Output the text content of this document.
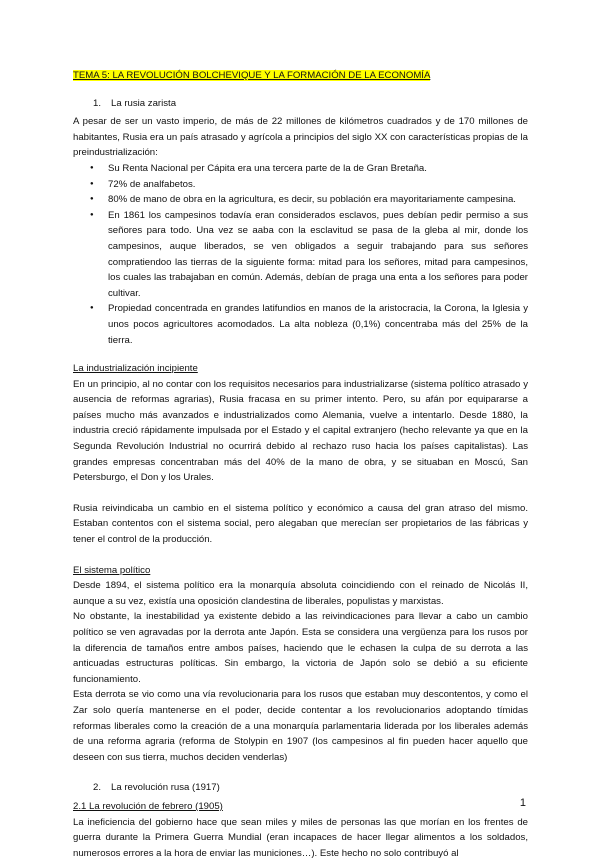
TEMA 5: LA REVOLUCIÓN BOLCHEVIQUE Y LA FORMACIÓN DE LA ECONOMÍA

1.	La rusia zarista

A pesar de ser un vasto imperio, de más de 22 millones de kilómetros cuadrados y de 170 millones de habitantes, Rusia era un país atrasado y agrícola a principios del siglo XX con características propias de la preindustrialización:

● Su Renta Nacional per Cápita era una tercera parte de la de Gran Bretaña.
● 72% de analfabetos.
● 80% de mano de obra en la agricultura, es decir, su población era mayoritariamente campesina.
● En 1861 los campesinos todavía eran considerados esclavos, pues debían pedir permiso a sus señores para todo. Una vez se aaba con la esclavitud se pasa de la gleba al mir, donde los campesinos, auque liberados, se ven obligados a seguir trabajando para sus señores compratiendoo las tierras de la siguiente forma: mitad para los señores, mitad para campesinos, los cuales las trabajaban en común. Además, debían de praga una enta a los señores para poder cultivar.
● Propiedad concentrada en grandes latifundios en manos de la aristocracia, la Corona, la Iglesia y unos pocos agricultores acomodados. La alta nobleza (0,1%) concentraba más del 25% de la tierra.

La industrialización incipiente

En un principio, al no contar con los requisitos necesarios para industrializarse (sistema político atrasado y ausencia de reformas agrarias), Rusia fracasa en su primer intento. Pero, su afán por equipararse a países mucho más avanzados e industrializados como Alemania, vuelve a intentarlo. Desde 1880, la industria creció rápidamente impulsada por el Estado y el capital extranjero (hecho relevante ya que en la Segunda Revolución Industrial no ocurrirá debido al rechazo ruso hacia los países capitalistas). Las grandes empresas concentraban más del 40% de la mano de obra, y se situaban en Moscú, San Petersburgo, el Don y los Urales.

Rusia reivindicaba un cambio en el sistema político y económico a causa del gran atraso del mismo. Estaban contentos con el sistema social, pero alegaban que merecían ser propietarios de las fábricas y tener el control de la producción.

El sistema político

Desde 1894, el sistema político era la monarquía absoluta coincidiendo con el reinado de Nicolás II, aunque a su vez, existía una oposición clandestina de liberales, populistas y marxistas.

No obstante, la inestabilidad ya existente debido a las reivindicaciones para llevar a cabo un cambio político se ven agravadas por la derrota ante Japón. Esta se considera una vergüenza para los rusos por la diferencia de tamaños entre ambos países, haciendo que le echasen la culpa de su derrota a las anticuadas estructuras políticas. Sin embargo, la victoria de Japón solo se debió a su eficiente funcionamiento.

Esta derrota se vio como una vía revolucionaria para los rusos que estaban muy descontentos, y como el Zar solo quería mantenerse en el poder, decide contentar a los revolucionarios adoptando tímidas reformas liberales como la creación de a una monarquía parlamentaria liderada por los liberales además de una reforma agraria (reforma de Stolypin en 1907 (los campesinos al fin pueden hacer aquello que deseen con sus tierra, muchos deciden venderlas)

2.	La revolución rusa (1917)

2.1 La revolución de febrero (1905)

La ineficiencia del gobierno hace que sean miles y miles de personas las que morían en los frentes de guerra durante la Primera Guerra Mundial (eran incapaces de hacer llegar alimentos a los soldados, numerosos errores a la hora de enviar las municiones…). Este hecho no solo contribuyó al

1
